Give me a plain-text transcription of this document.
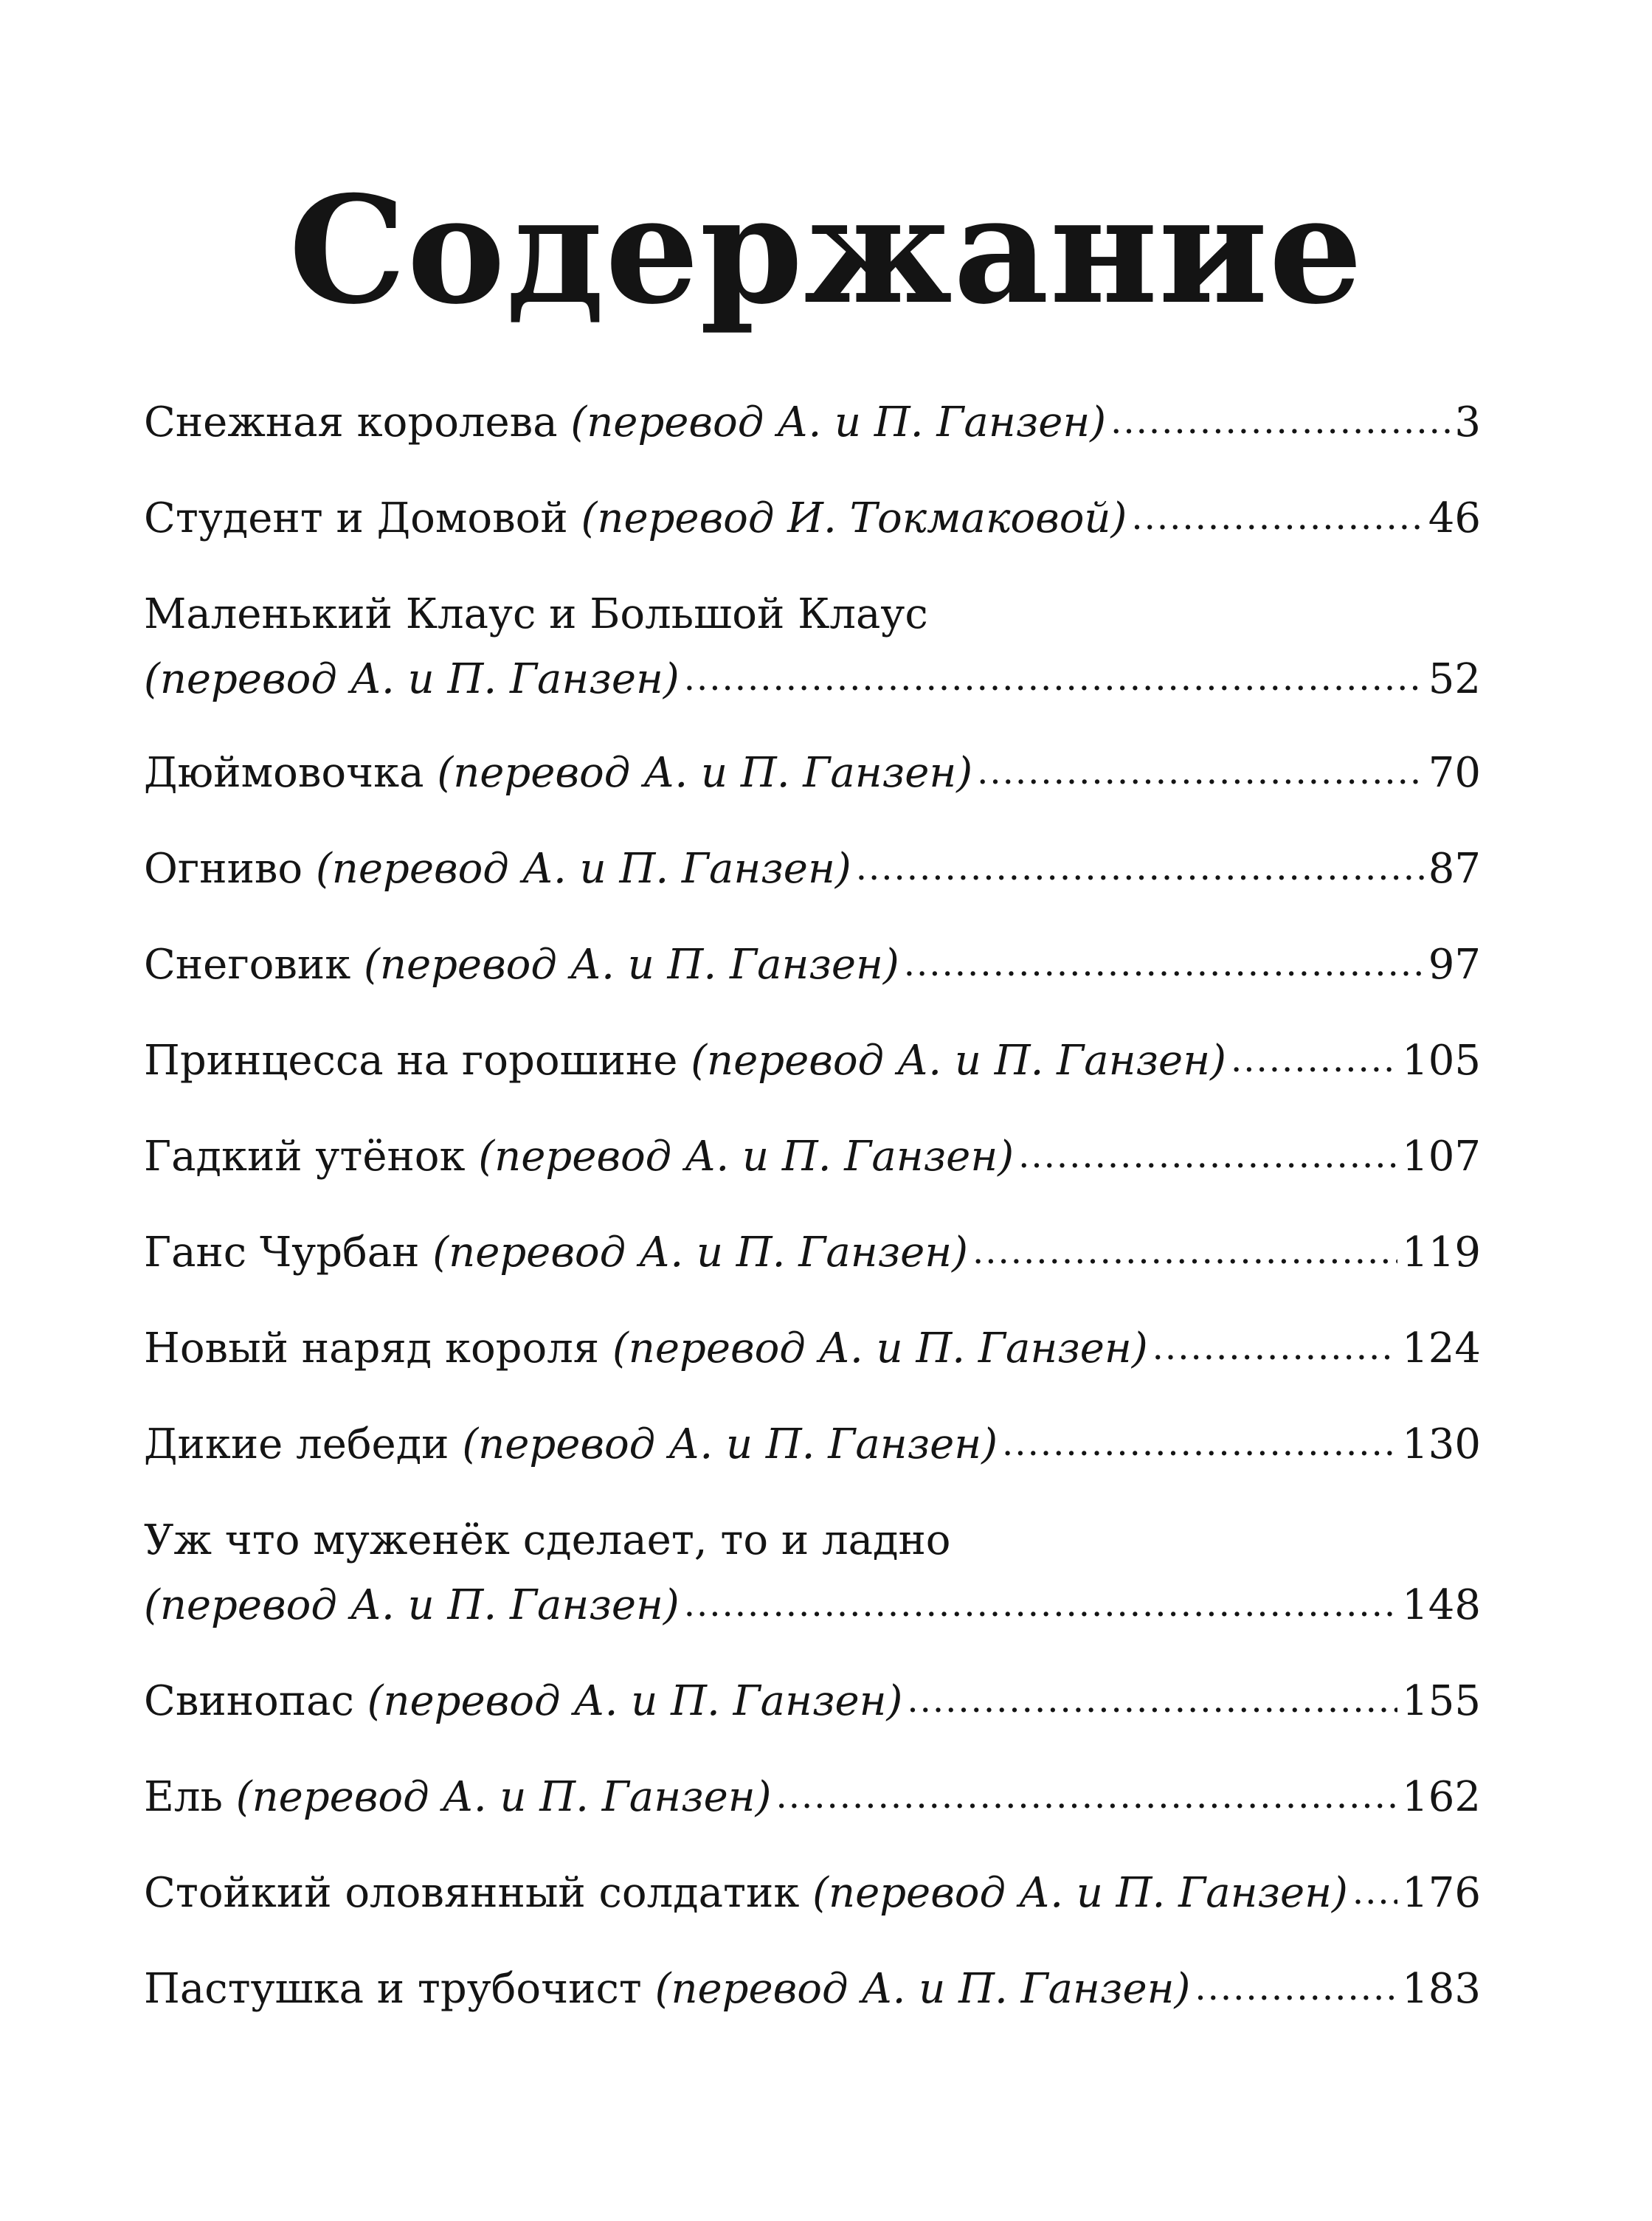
Содержание
Снежная королева
(перевод А. и П. Ганзен) .....	3
Студент и Домовой
(перевод И. Токмаковой) .....	46
Маленький Клаус и Большой Клаус
(перевод А. и П. Ганзен) .....	52
Дюймовочка
(перевод А. и П. Ганзен) .....	70
Огниво
(перевод А. и П. Ганзен) .....	87
Снеговик
(перевод А. и П. Ганзен) .....	97
Принцесса на горошине
(перевод А. и П. Ганзен) .....	105
Гадкий утёнок
(перевод А. и П. Ганзен) .....	107
Ганс Чурбан
(перевод А. и П. Ганзен) .....	119
Новый наряд короля
(перевод А. и П. Ганзен) .....	124
Дикие лебеди
(перевод А. и П. Ганзен) .....	130
Уж что муженёк сделает, то и ладно
(перевод А. и П. Ганзен) .....	148
Свинопас
(перевод А. и П. Ганзен) .....	155
Ель
(перевод А. и П. Ганзен) .....	162
Стойкий оловянный солдатик
(перевод А. и П. Ганзен) ..... 176
Пастушка и трубочист
(перевод А. и П. Ганзен) .....	183
